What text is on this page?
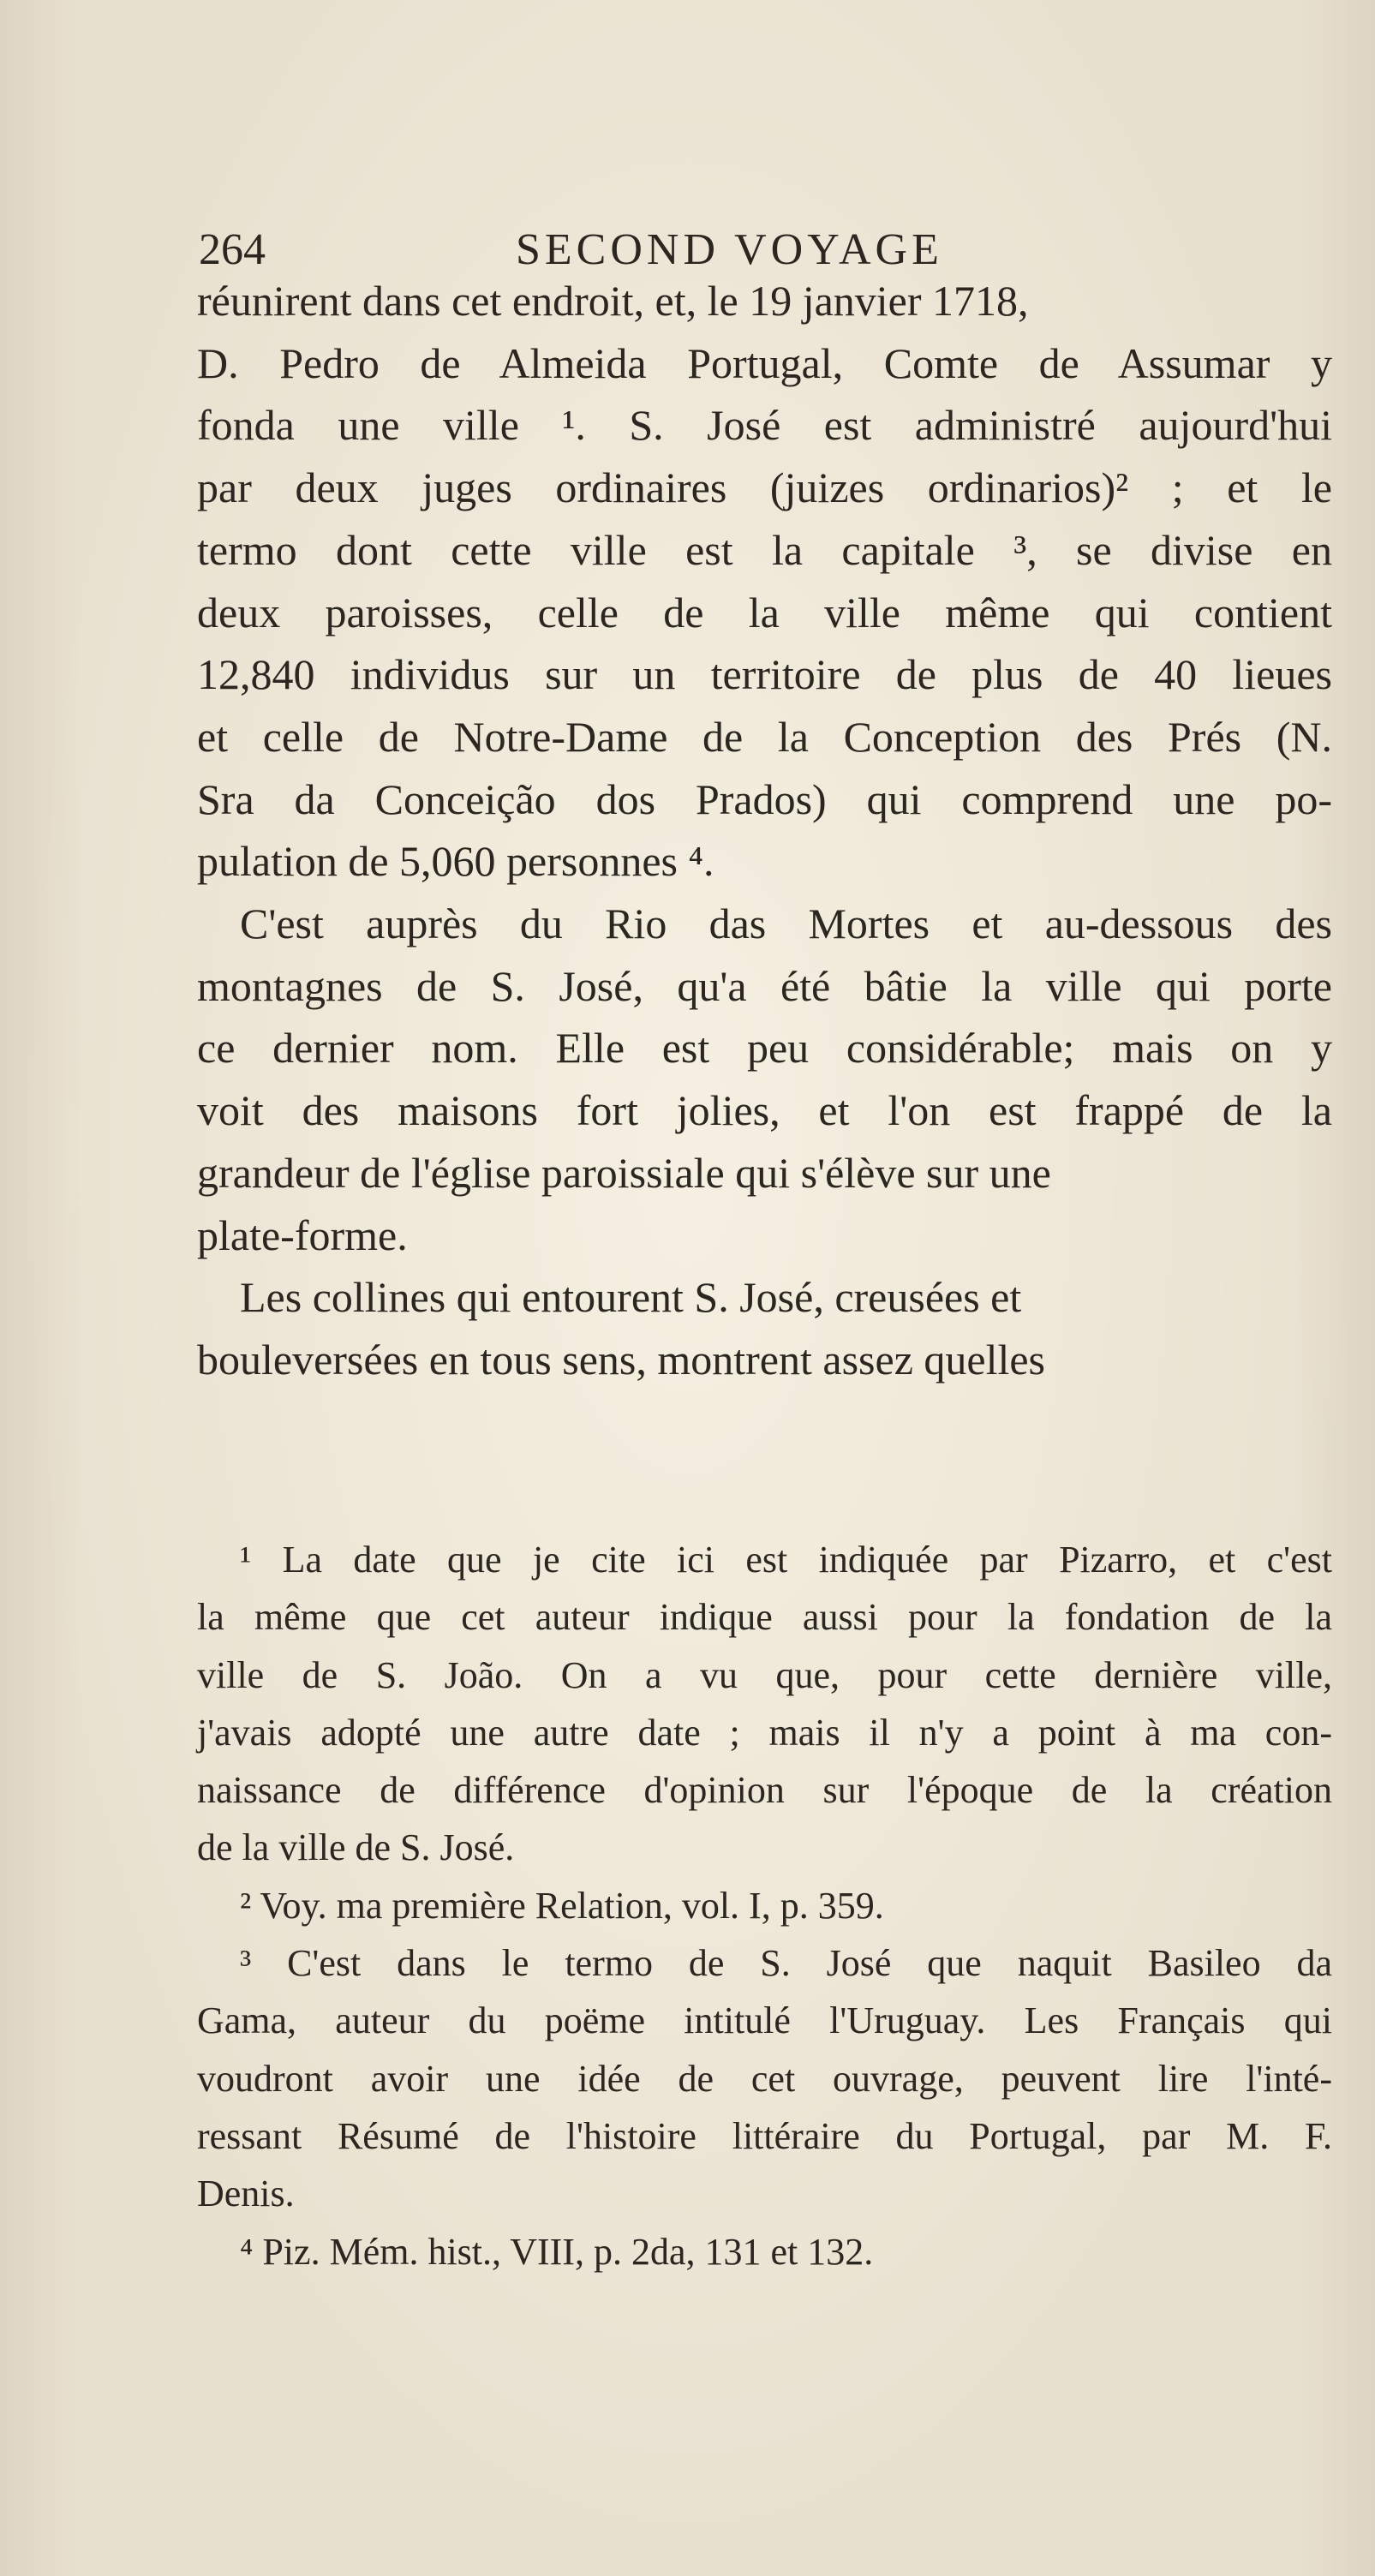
264	SECOND VOYAGE
réunirent dans cet endroit, et, le 19 janvier 1718,
D. Pedro de Almeida Portugal, Comte de Assumar y
fonda une ville ¹. S. José est administré aujourd'hui
par deux juges ordinaires (juizes ordinarios)² ; et le
termo dont cette ville est la capitale ³, se divise en
deux paroisses, celle de la ville même qui contient
12,840 individus sur un territoire de plus de 40 lieues
et celle de Notre-Dame de la Conception des Prés (N.
Sra da Conceição dos Prados) qui comprend une po-
pulation de 5,060 personnes ⁴.
C'est auprès du Rio das Mortes et au-dessous des
montagnes de S. José, qu'a été bâtie la ville qui porte
ce dernier nom. Elle est peu considérable; mais on y
voit des maisons fort jolies, et l'on est frappé de la
grandeur de l'église paroissiale qui s'élève sur une
plate-forme.
Les collines qui entourent S. José, creusées et
bouleversées en tous sens, montrent assez quelles
¹ La date que je cite ici est indiquée par Pizarro, et c'est
la même que cet auteur indique aussi pour la fondation de la
ville de S. João. On a vu que, pour cette dernière ville,
j'avais adopté une autre date ; mais il n'y a point à ma con-
naissance de différence d'opinion sur l'époque de la création
de la ville de S. José.
² Voy. ma première Relation, vol. I, p. 359.
³ C'est dans le termo de S. José que naquit Basileo da
Gama, auteur du poëme intitulé l'Uruguay. Les Français qui
voudront avoir une idée de cet ouvrage, peuvent lire l'inté-
ressant Résumé de l'histoire littéraire du Portugal, par M. F.
Denis.
⁴ Piz. Mém. hist., VIII, p. 2da, 131 et 132.
